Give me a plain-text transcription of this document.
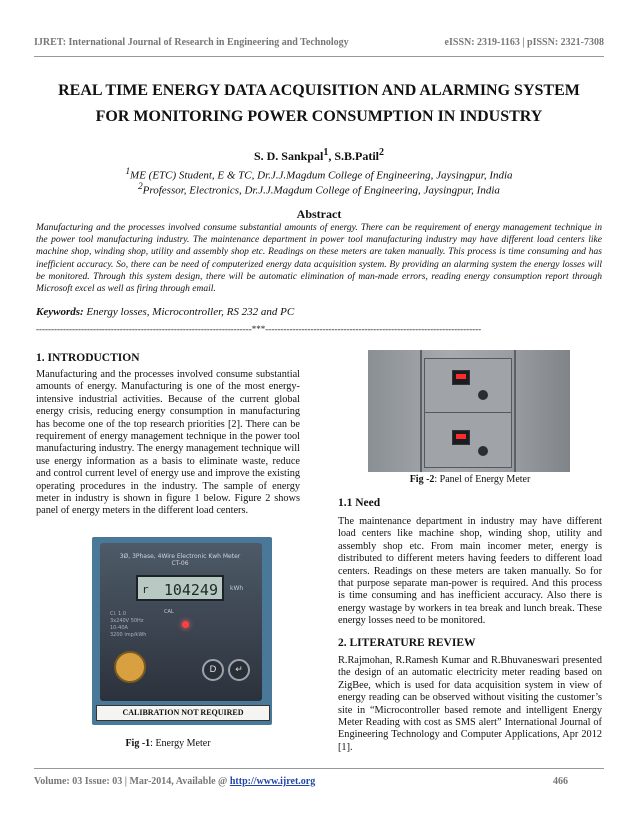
IJRET: International Journal of Research in Engineering and Technology	eISSN: 2319-1163 | pISSN: 2321-7308
REAL TIME ENERGY DATA ACQUISITION AND ALARMING SYSTEM
FOR MONITORING POWER CONSUMPTION IN INDUSTRY
S. D. Sankpal$^1$, S.B.Patil$^2$
$^1$ME (ETC) Student, E & TC, Dr.J.J.Magdum College of Engineering, Jaysingpur, India
$^2$Professor, Electronics, Dr.J.J.Magdum College of Engineering, Jaysingpur, India
Abstract
Manufacturing and the processes involved consume substantial amounts of energy. There can be requirement of energy management technique in the power tool manufacturing industry. The maintenance department in power tool manufacturing industry may have different load centers like machine shop, winding shop, utility and assembly shop etc. Readings on these meters are taken manually. This process is time consuming and has inefficient accuracy. So, there can be need of computerized energy data acquisition system. By providing an alarming system the energy losses will be monitored. Through this system design, there will be automatic elimination of man-made errors, reading energy consumption report through Microsoft excel as well as firing through email.
Keywords: Energy losses, Microcontroller, RS 232 and PC
------------------------------------------------------------------------***------------------------------------------------------------------------
1. INTRODUCTION

Manufacturing and the processes involved consume substantial amounts of energy. Manufacturing is one of the most energy-intensive industrial activities. Because of the current global energy crisis, reducing energy consumption in manufacturing has become one of the top research priorities [2]. There can be requirement of energy management technique in the power tool manufacturing industry. The energy management technique will use energy information as a basis to eliminate waste, reduce and control current level of energy use and improve the existing operating procedures in the industry. The sample of energy meter in industry is shown in figure 1 below. Figure 2 shows panel of energy meters in the different load centers.

3Ø, 3Phase, 4Wire Electronic Kwh Meter
CT-06
r 104249	kWh
Cl. 1.0
3x240V 50Hz
10-40A
3200 imp/kWh
CAL
D	↵
CALIBRATION NOT REQUIRED
Fig -1: Energy Meter
Fig -2: Panel of Energy Meter
1.1 Need

The maintenance department in industry may have different load centers like machine shop, winding shop, utility and assembly shop etc. From main incomer meter, energy is distributed to different meters having feeders to different load centers. Readings on these meters are taken manually. So for that purpose separate man-power is required. And this process is time consuming and has inefficient accuracy. Also there is energy wastage by workers in tea break and lunch break. These energy losses need to be monitored.

2. LITERATURE REVIEW

R.Rajmohan, R.Ramesh Kumar and R.Bhuvaneswari presented the design of an automatic electricity meter reading based on ZigBee, which is used for data acquisition system in view of energy reading can be observed without visiting the customer’s site in “Microcontroller based remote and intelligent Energy Meter Reading with cost as SMS alert” International Journal of Engineering Technology and Computer Applications, Apr 2012 [1].

Volume: 03 Issue: 03 | Mar-2014, Available @ http://www.ijret.org	466
